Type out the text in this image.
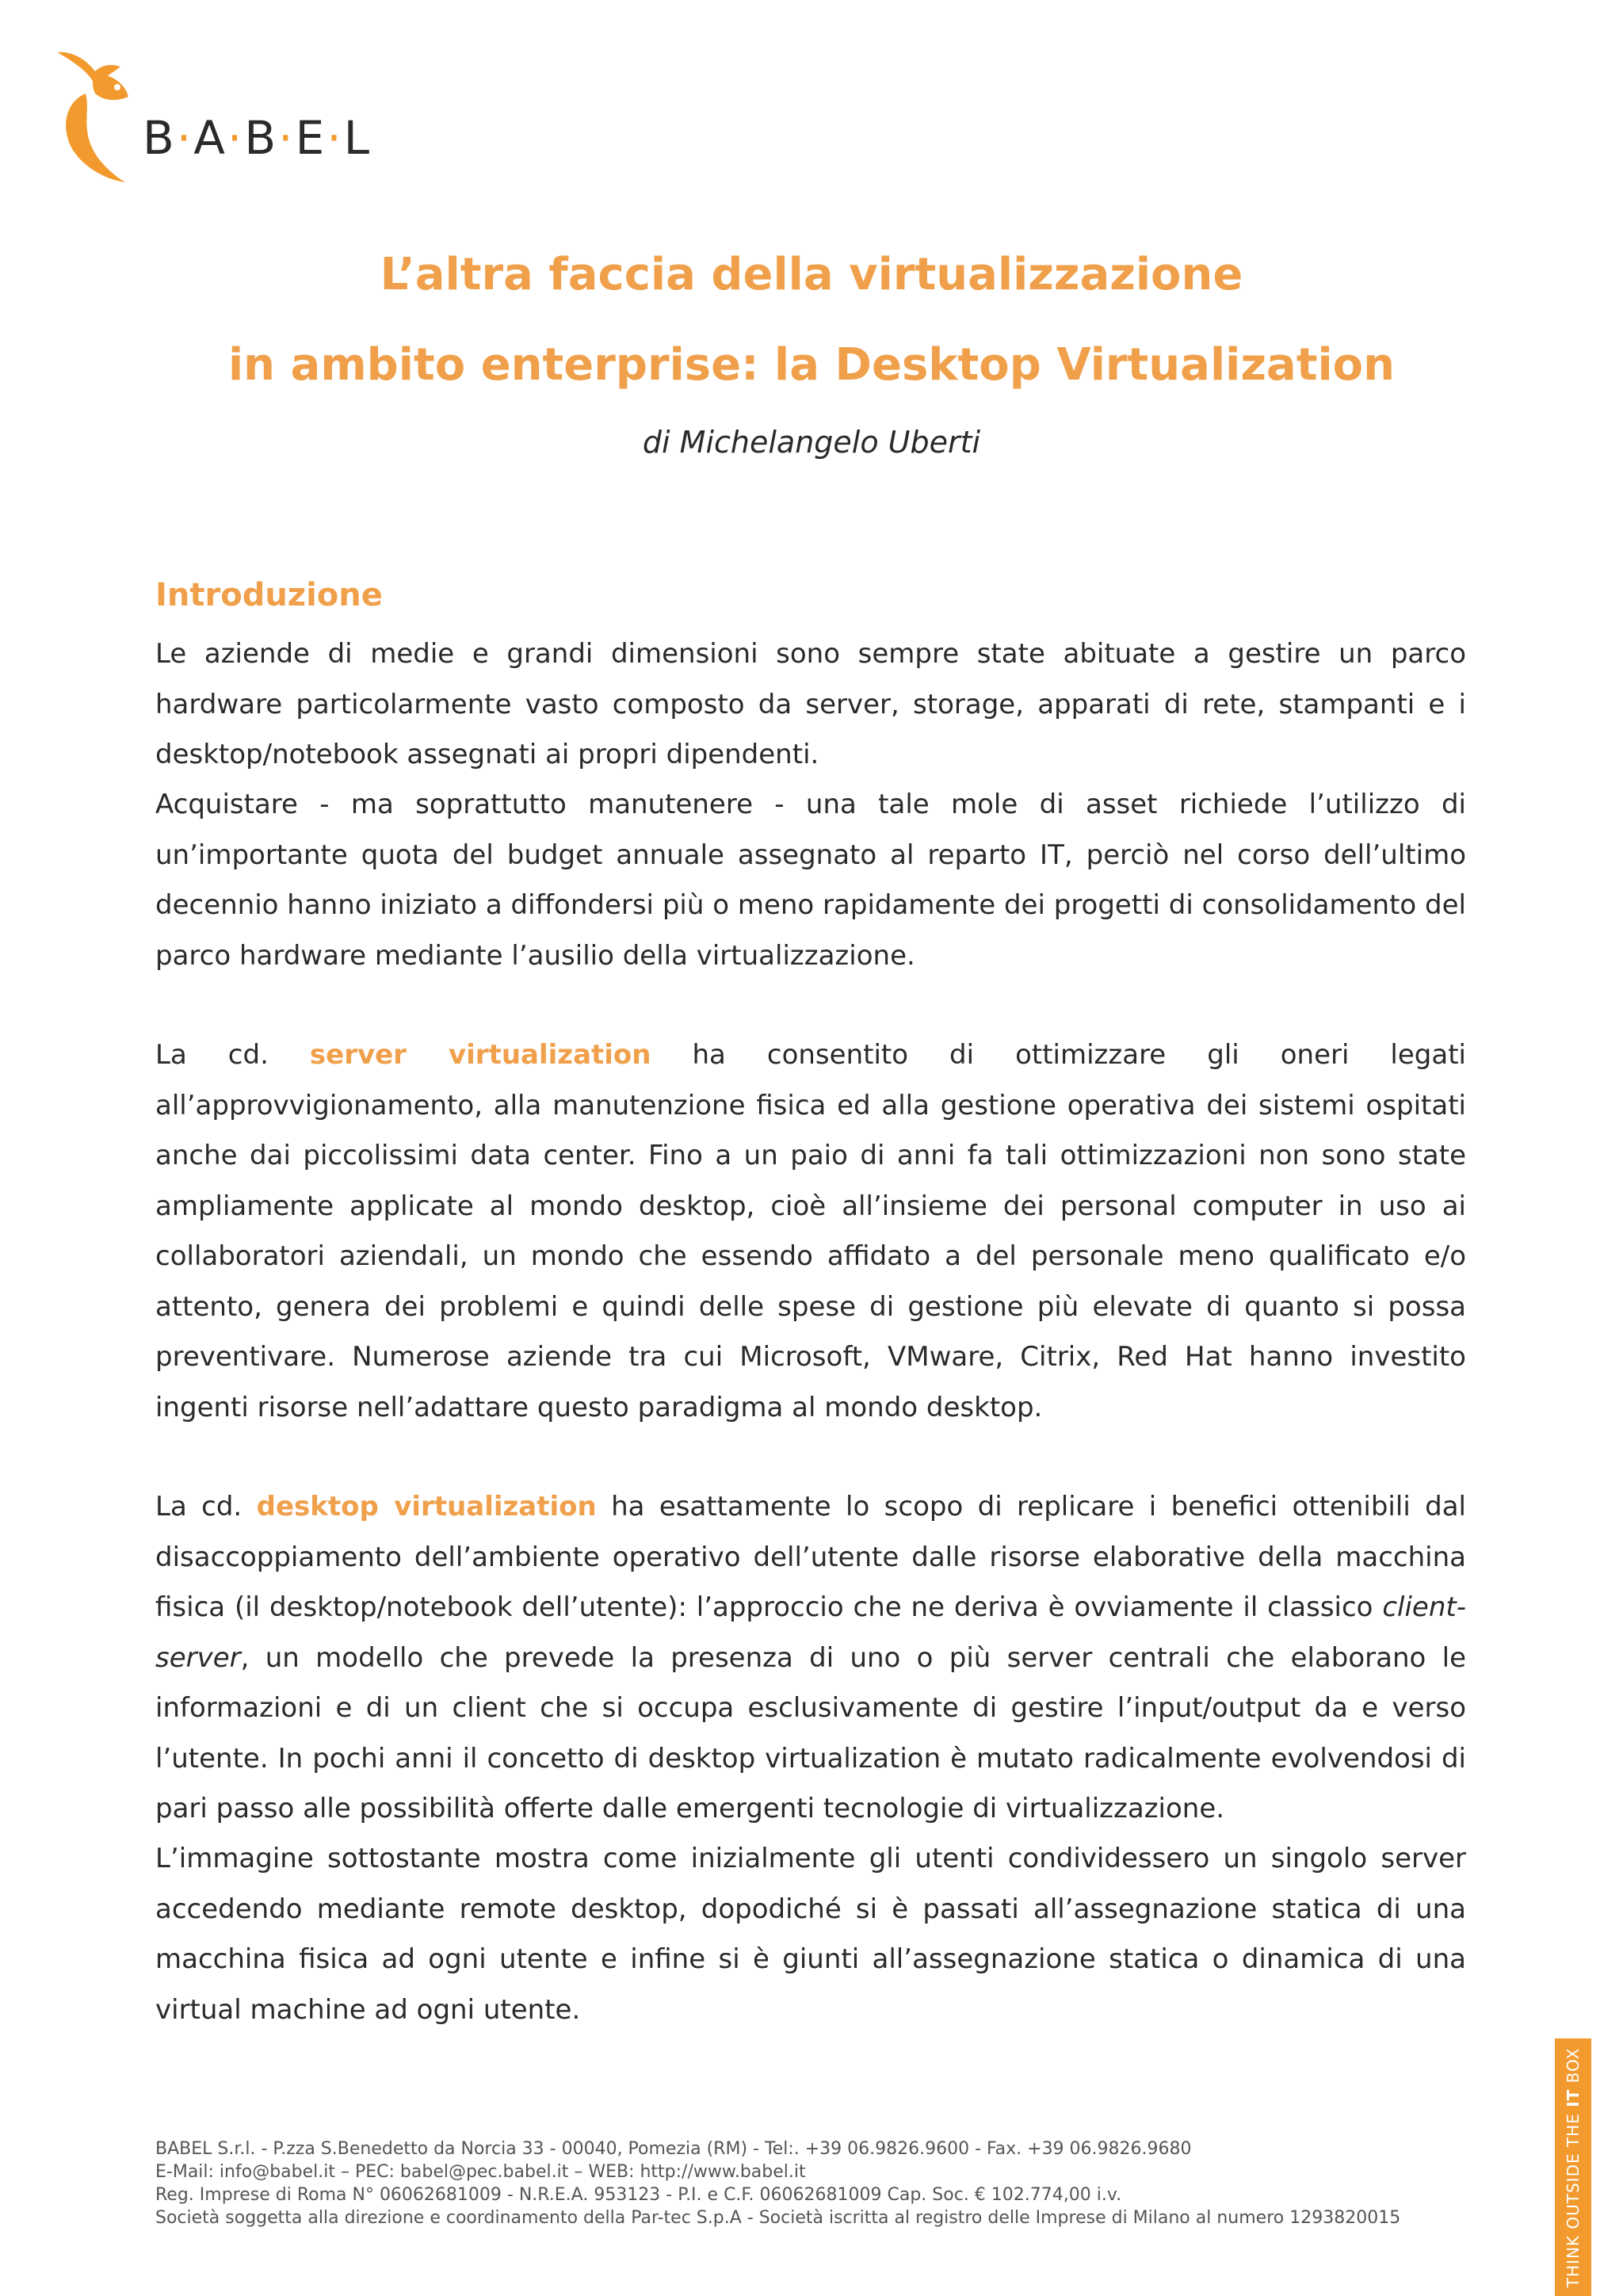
B·A·B·E·L
L’altra faccia della virtualizzazione
in ambito enterprise: la Desktop Virtualization
di Michelangelo Uberti
Introduzione

Le aziende di medie e grandi dimensioni sono sempre state abituate a gestire un parco hardware particolarmente vasto composto da server, storage, apparati di rete, stampanti e i desktop/notebook assegnati ai propri dipendenti.

Acquistare - ma soprattutto manutenere - una tale mole di asset richiede l’utilizzo di un’importante quota del budget annuale assegnato al reparto IT, perciò nel corso dell’ultimo decennio hanno iniziato a diffondersi più o meno rapidamente dei progetti di consolidamento del parco hardware mediante l’ausilio della virtualizzazione.

La cd. server virtualization ha consentito di ottimizzare gli oneri legati all’approvvigionamento, alla manutenzione fisica ed alla gestione operativa dei sistemi ospitati anche dai piccolissimi data center. Fino a un paio di anni fa tali ottimizzazioni non sono state ampliamente applicate al mondo desktop, cioè all’insieme dei personal computer in uso ai collaboratori aziendali, un mondo che essendo affidato a del personale meno qualificato e/o attento, genera dei problemi e quindi delle spese di gestione più elevate di quanto si possa preventivare. Numerose aziende tra cui Microsoft, VMware, Citrix, Red Hat hanno investito ingenti risorse nell’adattare questo paradigma al mondo desktop.

La cd. desktop virtualization ha esattamente lo scopo di replicare i benefici ottenibili dal disaccoppiamento dell’ambiente operativo dell’utente dalle risorse elaborative della macchina fisica (il desktop/notebook dell’utente): l’approccio che ne deriva è ovviamente il classico client-server, un modello che prevede la presenza di uno o più server centrali che elaborano le informazioni e di un client che si occupa esclusivamente di gestire l’input/output da e verso l’utente. In pochi anni il concetto di desktop virtualization è mutato radicalmente evolvendosi di pari passo alle possibilità offerte dalle emergenti tecnologie di virtualizzazione.

L’immagine sottostante mostra come inizialmente gli utenti condividessero un singolo server accedendo mediante remote desktop, dopodiché si è passati all’assegnazione statica di una macchina fisica ad ogni utente e infine si è giunti all’assegnazione statica o dinamica di una virtual machine ad ogni utente.

BABEL S.r.l. - P.zza S.Benedetto da Norcia 33 - 00040, Pomezia (RM) - Tel:. +39 06.9826.9600 - Fax. +39 06.9826.9680
E-Mail: info@babel.it – PEC: babel@pec.babel.it – WEB: http://www.babel.it
Reg. Imprese di Roma N° 06062681009 - N.R.E.A. 953123 - P.I. e C.F. 06062681009 Cap. Soc. € 102.774,00 i.v.
Società soggetta alla direzione e coordinamento della Par-tec S.p.A - Società iscritta al registro delle Imprese di Milano al numero 1293820015	THINK OUTSIDE THE IT BOX
